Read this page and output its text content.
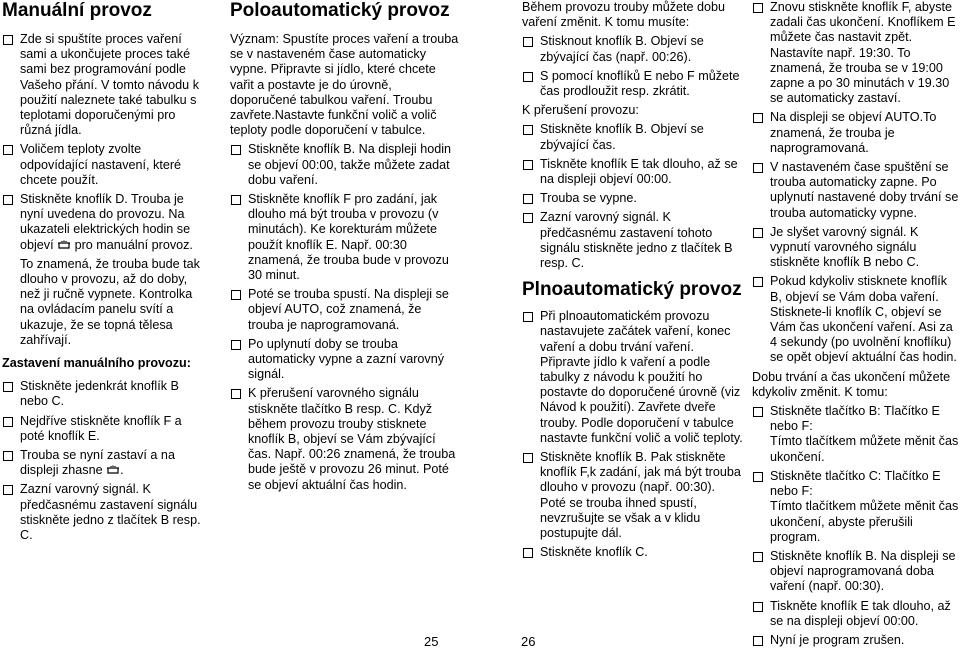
Manuální provoz
Zde si spuštíte proces vaření sami a ukončujete proces také sami bez programování podle Vašeho přání. V tomto návodu k použití naleznete také tabulku s teplotami doporučenými pro různá jídla.
Voličem teploty zvolte odpovídající nastavení, které chcete použít.
Stiskněte knoflík D. Trouba je nyní uvedena do provozu. Na ukazateli elektrických hodin se objeví pro manuální provoz.
To znamená, že trouba bude tak dlouho v provozu, až do doby, než ji ručně vypnete. Kontrolka na ovládacím panelu svítí a ukazuje, že se topná tělesa zahřívají.
Zastavení manuálního provozu:
Stiskněte jedenkrát knoflík B nebo C.
Nejdříve stiskněte knoflík F a poté knoflík E.
Trouba se nyní zastaví a na displeji zhasne .
Zazní varovný signál. K předčasnému zastavení signálu stiskněte jedno z tlačítek B resp. C.
Poloautomatický provoz
Význam: Spustíte proces vaření a trouba se v nastaveném čase automaticky vypne. Připravte si jídlo, které chcete vařit a postavte je do úrovně, doporučené tabulkou vaření. Troubu zavřete.Nastavte funkční volič a volič teploty podle doporučení v tabulce.
Stiskněte knoflík B. Na displeji hodin se objeví 00:00, takže můžete zadat dobu vaření.
Stiskněte knoflík F pro zadání, jak dlouho má být trouba v provozu (v minutách). Ke korekturám můžete použít knoflík E. Např. 00:30 znamená, že trouba bude v provozu 30 minut.
Poté se trouba spustí. Na displeji se objeví AUTO, což znamená, že trouba je naprogramovaná.
Po uplynutí doby se trouba automaticky vypne a zazní varovný signál.
K přerušení varovného signálu stiskněte tlačítko B resp. C. Když během provozu trouby stisknete knoflík B, objeví se Vám zbývající čas. Např. 00:26 znamená, že trouba bude ještě v provozu 26 minut. Poté se objeví aktuální čas hodin.
Během provozu trouby můžete dobu vaření změnit. K tomu musíte:
Stisknout knoflík B. Objeví se zbývající čas (např. 00:26).
S pomocí knoflíků E nebo F můžete čas prodloužit resp. zkrátit.
K přerušení provozu:
Stiskněte knoflík B. Objeví se zbývající čas.
Tiskněte knoflík E tak dlouho, až se na displeji objeví 00:00.
Trouba se vypne.
Zazní varovný signál. K předčasnému zastavení tohoto signálu stiskněte jedno z tlačítek B resp. C.
Plnoautomatický provoz
Při plnoautomatickém provozu nastavujete začátek vaření, konec vaření a dobu trvání vaření. Připravte jídlo k vaření a podle tabulky z návodu k použití ho postavte do doporučené úrovně (viz Návod k použití). Zavřete dveře trouby. Podle doporučení v tabulce nastavte funkční volič a volič teploty.
Stiskněte knoflík B. Pak stiskněte knoflík F,k zadání, jak má být trouba dlouho v provozu (např. 00:30). Poté se trouba ihned spustí, nevzrušujte se však a v klidu postupujte dál.
Stiskněte knoflík C.
Znovu stiskněte knoflík F, abyste zadali čas ukončení. Knoflíkem E můžete čas nastavit zpět. Nastavíte např. 19:30. To znamená, že trouba se v 19:00 zapne a po 30 minutách v 19.30 se automaticky zastaví.
Na displeji se objeví AUTO.To znamená, že trouba je naprogramovaná.
V nastaveném čase spuštění se trouba automaticky zapne. Po uplynutí nastavené doby trvání se trouba automaticky vypne.
Je slyšet varovný signál. K vypnutí varovného signálu stiskněte knoflík B nebo C.
Pokud kdykoliv stisknete knoflík B, objeví se Vám doba vaření. Stisknete-li knoflík C, objeví se Vám čas ukončení vaření. Asi za 4 sekundy (po uvolnění knoflíku) se opět objeví aktuální čas hodin.
Dobu trvání a čas ukončení můžete kdykoliv změnit. K tomu:
Stiskněte tlačítko B: Tlačítko E nebo F:
Tímto tlačítkem můžete měnit čas ukončení.
Stiskněte tlačítko C: Tlačítko E nebo F:
Tímto tlačítkem můžete měnit čas ukončení, abyste přerušili program.
Stiskněte knoflík B. Na displeji se objeví naprogramovaná doba vaření (např. 00:30).
Tiskněte knoflík E tak dlouho, až se na displeji objeví 00:00.
Nyní je program zrušen.
25	26
